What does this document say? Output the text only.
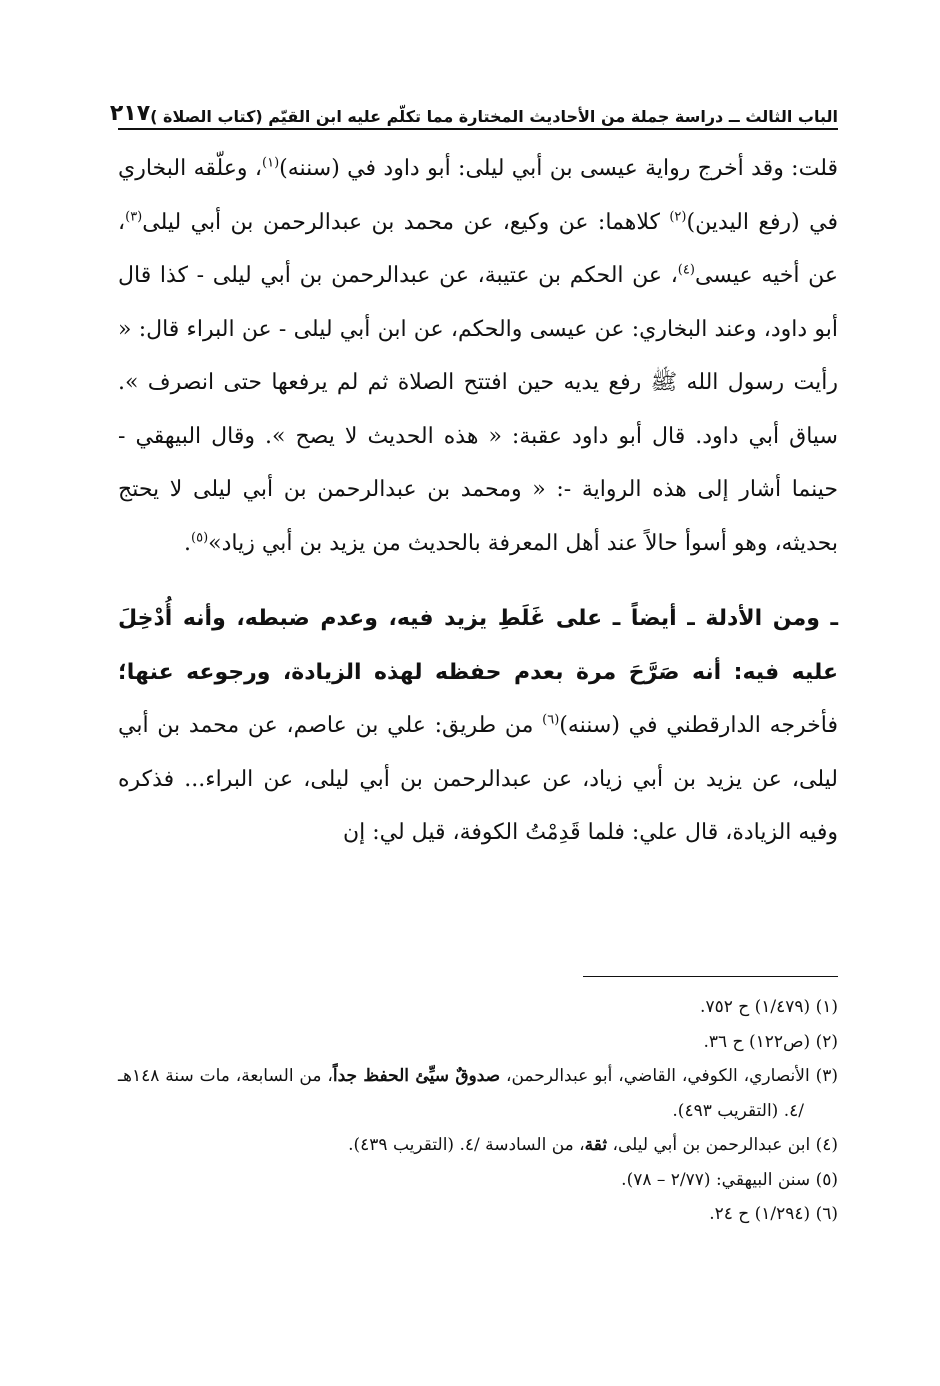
الباب الثالث ــ دراسة جملة من الأحاديث المختارة مما تكلّم عليه ابن القيّم (كتاب الصلاة )
٢١٧

قلت: وقد أخرج رواية عيسى بن أبي ليلى: أبو داود في (سننه)$^{(١)}$، وعلّقه البخاري في (رفع اليدين)$^{(٢)}$ كلاهما: عن وكيع، عن محمد بن عبدالرحمن بن أبي ليلى$^{(٣)}$، عن أخيه عيسى$^{(٤)}$، عن الحكم بن عتيبة، عن عبدالرحمن بن أبي ليلى - كذا قال أبو داود، وعند البخاري: عن عيسى والحكم، عن ابن أبي ليلى - عن البراء قال: « رأيت رسول الله ﷺ رفع يديه حين افتتح الصلاة ثم لم يرفعها حتى انصرف ». سياق أبي داود. قال أبو داود عقبة: « هذه الحديث لا يصح ». وقال البيهقي - حينما أشار إلى هذه الرواية -: « ومحمد بن عبدالرحمن بن أبي ليلى لا يحتج بحديثه، وهو أسوأ حالاً عند أهل المعرفة بالحديث من يزيد بن أبي زياد»$^{(٥)}$.

ـ ومن الأدلة ـ أيضاً ـ على غَلَطِ يزيد فيه، وعدم ضبطه، وأنه أُدْخِلَ عليه فيه: أنه صَرَّحَ مرة بعدم حفظه لهذه الزيادة، ورجوعه عنها؛ فأخرجه الدارقطني في (سننه)$^{(٦)}$ من طريق: علي بن عاصم، عن محمد بن أبي ليلى، عن يزيد بن أبي زياد، عن عبدالرحمن بن أبي ليلى، عن البراء... فذكره وفيه الزيادة، قال علي: فلما قَدِمْتُ الكوفة، قيل لي: إن

(١) (١/٤٧٩) ح ٧٥٢.

(٢) (ص١٢٢) ح ٣٦.

(٣) الأنصاري، الكوفي، القاضي، أبو عبدالرحمن، صدوقٌ سيِّئ الحفظ جداً، من السابعة، مات سنة ١٤٨هـ /٤. (التقريب ٤٩٣).

(٤) ابن عبدالرحمن بن أبي ليلى، ثقة، من السادسة /٤. (التقريب ٤٣٩).

(٥) سنن البيهقي: (٢/٧٧ – ٧٨).

(٦) (١/٢٩٤) ح ٢٤.
